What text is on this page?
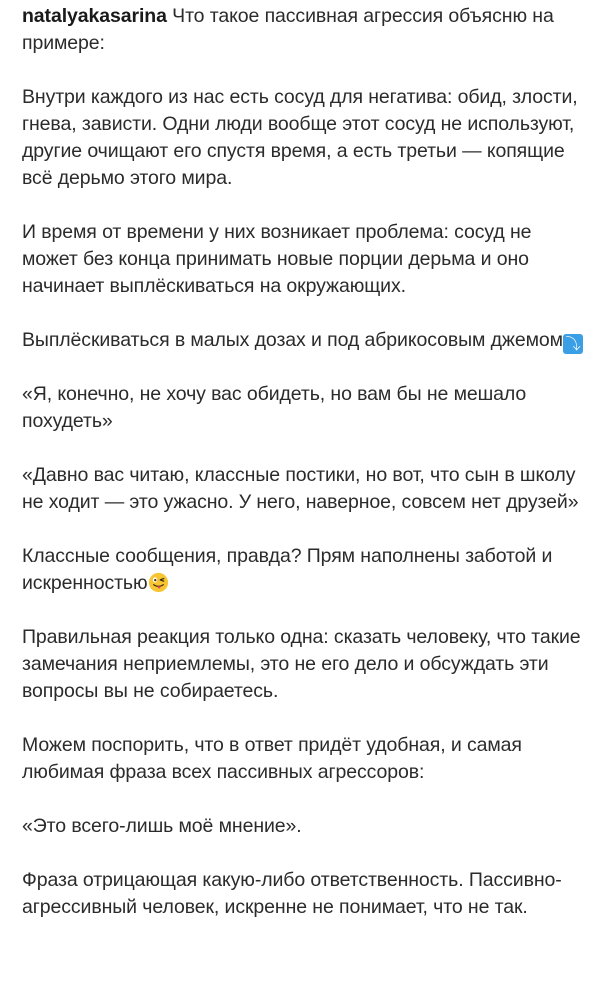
natalyakasarina Что такое пассивная агрессия объясню на примере:

Внутри каждого из нас есть сосуд для негатива: обид, злости, гнева, зависти. Одни люди вообще этот сосуд не используют, другие очищают его спустя время, а есть третьи — копящие всё дерьмо этого мира.

И время от времени у них возникает проблема: сосуд не может без конца принимать новые порции дерьма и оно начинает выплёскиваться на окружающих.

Выплёскиваться в малых дозах и под абрикосовым джемом ⤵

«Я, конечно, не хочу вас обидеть, но вам бы не мешало похудеть»

«Давно вас читаю, классные постики, но вот, что сын в школу не ходит — это ужасно. У него, наверное, совсем нет друзей»

Классные сообщения, правда? Прям наполнены заботой и искренностью

Правильная реакция только одна: сказать человеку, что такие замечания неприемлемы, это не его дело и обсуждать эти вопросы вы не собираетесь.

Можем поспорить, что в ответ придёт удобная, и самая любимая фраза всех пассивных агрессоров:

«Это всего-лишь моё мнение».

Фраза отрицающая какую-либо ответственность. Пассивно-агрессивный человек, искренне не понимает, что не так.
